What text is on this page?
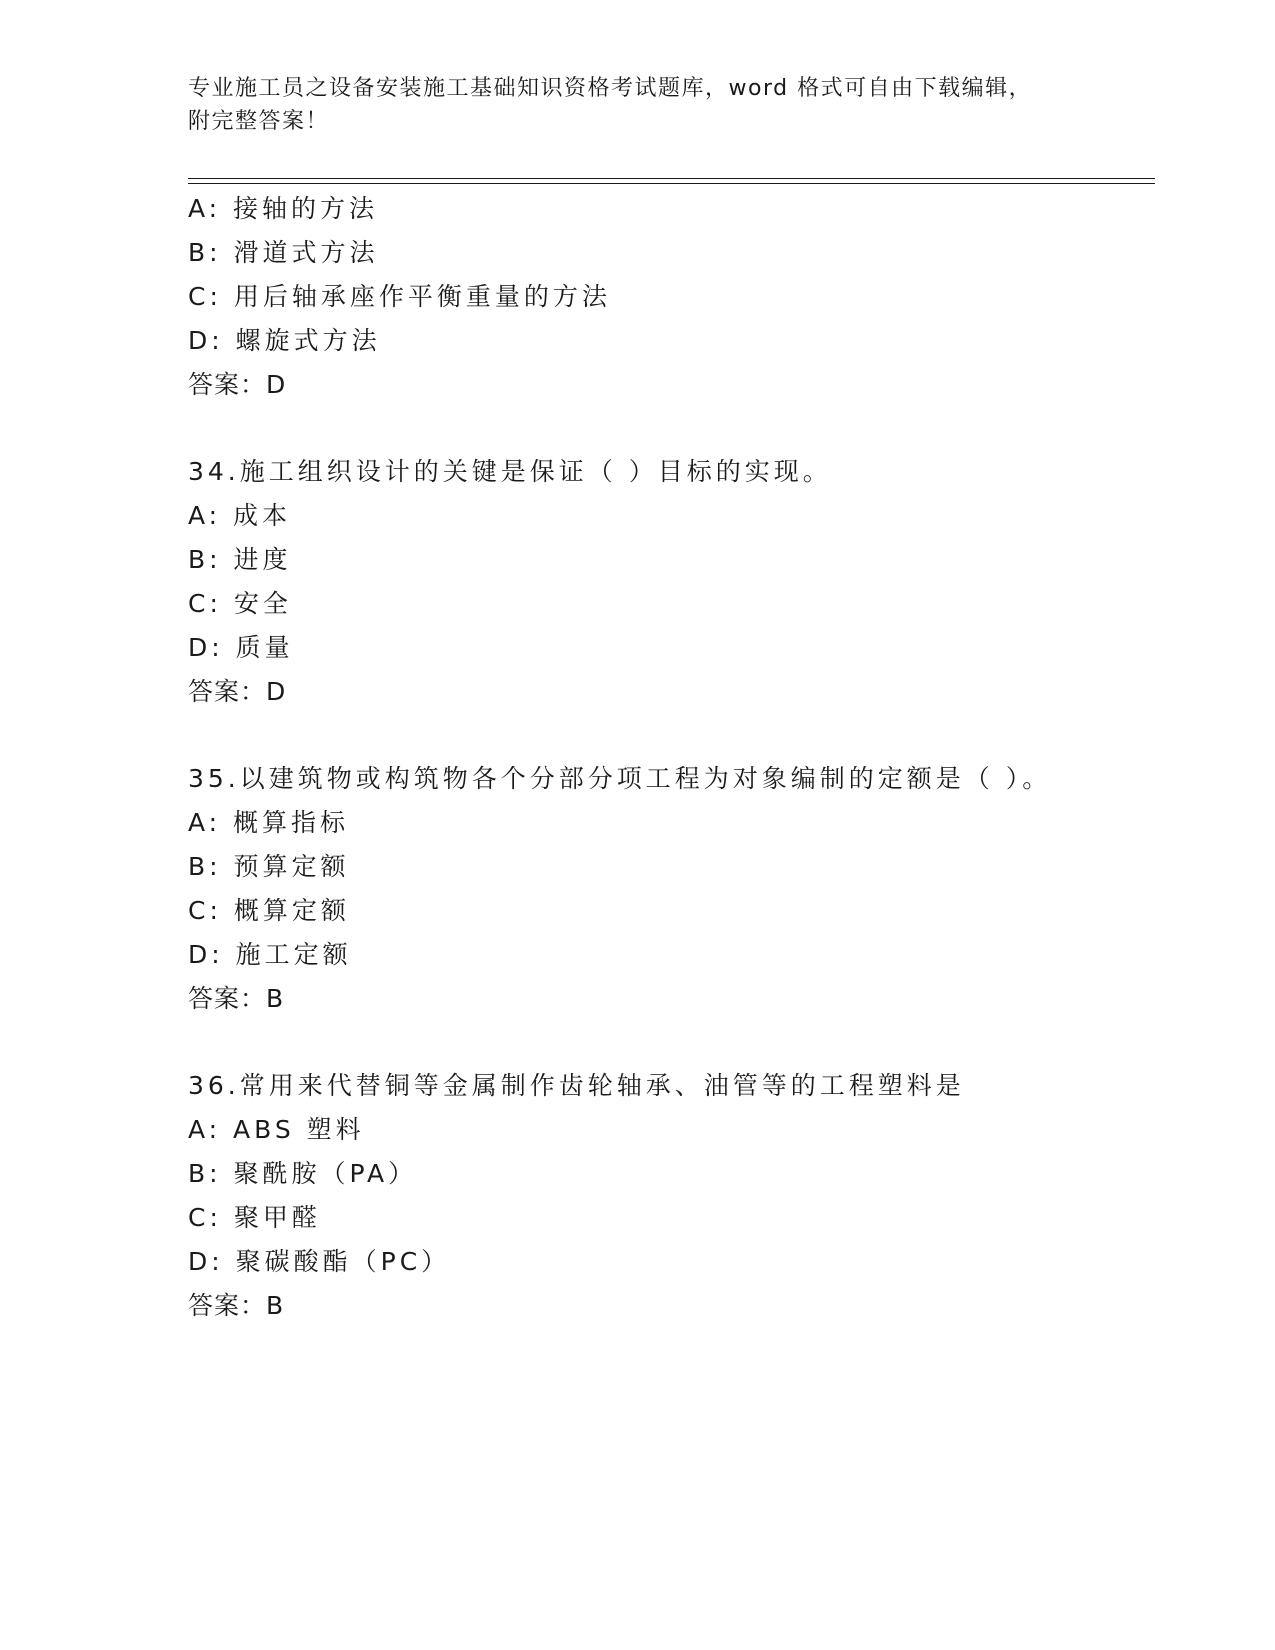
专业施工员之设备安装施工基础知识资格考试题库，word 格式可自由下载编辑，
附完整答案！
A: 接轴的方法
B: 滑道式方法
C: 用后轴承座作平衡重量的方法
D: 螺旋式方法
答案：D
34.施工组织设计的关键是保证（ ）目标的实现。
A: 成本
B: 进度
C: 安全
D: 质量
答案：D
35.以建筑物或构筑物各个分部分项工程为对象编制的定额是（ ）。
A: 概算指标
B: 预算定额
C: 概算定额
D: 施工定额
答案：B
36.常用来代替铜等金属制作齿轮轴承、油管等的工程塑料是
A: ABS 塑料
B: 聚酰胺（PA）
C: 聚甲醛
D: 聚碳酸酯（PC）
答案：B
